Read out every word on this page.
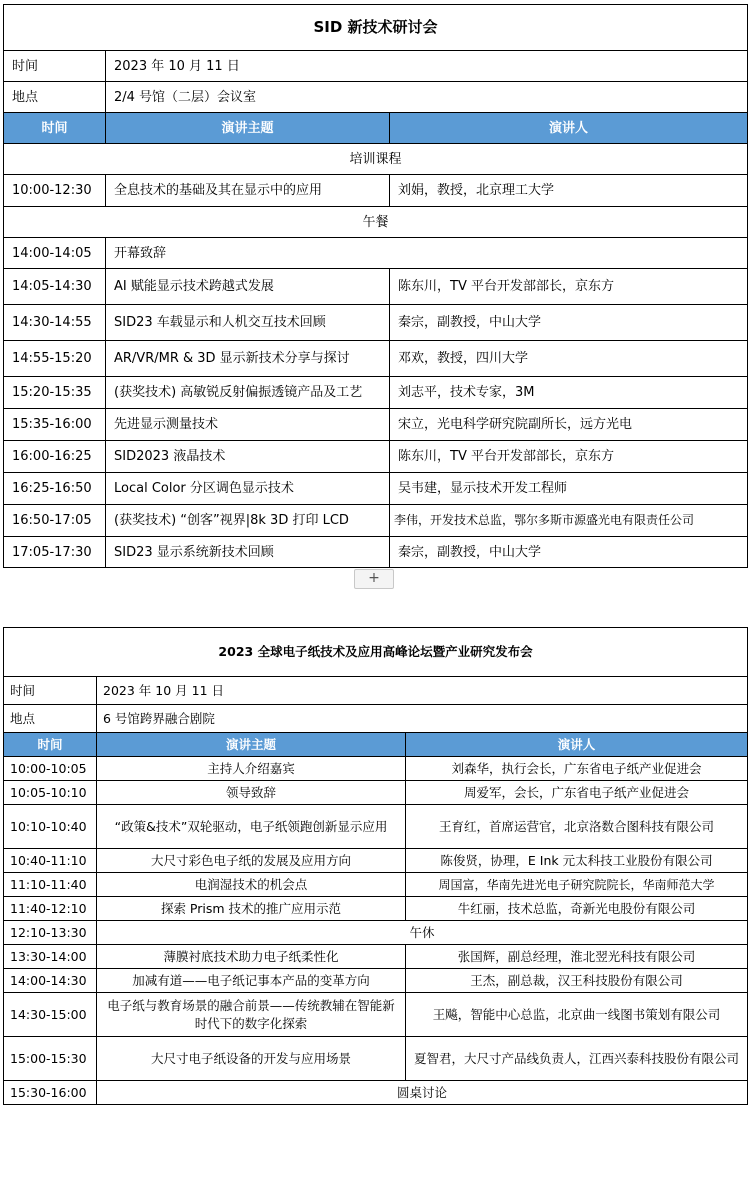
SID 新技术研讨会		
时间	2023 年 10 月 11 日	
地点	2/4 号馆（二层）会议室	
时间	演讲主题	演讲人
培训课程		
10:00-12:30	全息技术的基础及其在显示中的应用	刘娟，教授，北京理工大学
午餐		
14:00-14:05	开幕致辞	
14:05-14:30	AI 赋能显示技术跨越式发展	陈东川，TV 平台开发部部长，京东方
14:30-14:55	SID23 车载显示和人机交互技术回顾	秦宗，副教授，中山大学
14:55-15:20	AR/VR/MR & 3D 显示新技术分享与探讨	邓欢，教授，四川大学
15:20-15:35	(获奖技术) 高敏锐反射偏振透镜产品及工艺	刘志平，技术专家，3M
15:35-16:00	先进显示测量技术	宋立，光电科学研究院副所长，远方光电
16:00-16:25	SID2023 液晶技术	陈东川，TV 平台开发部部长，京东方
16:25-16:50	Local Color 分区调色显示技术	吴韦建，显示技术开发工程师
16:50-17:05	(获奖技术) “创客”视界|8k 3D 打印 LCD	李伟，开发技术总监，鄂尔多斯市源盛光电有限责任公司
17:05-17:30	SID23 显示系统新技术回顾	秦宗，副教授，中山大学
+
2023 全球电子纸技术及应用高峰论坛暨产业研究发布会		
时间	2023 年 10 月 11 日	
地点	6 号馆跨界融合剧院	
时间	演讲主题	演讲人
10:00-10:05	主持人介绍嘉宾	刘森华，执行会长，广东省电子纸产业促进会
10:05-10:10	领导致辞	周爱军，会长，广东省电子纸产业促进会
10:10-10:40	“政策&技术”双轮驱动，电子纸领跑创新显示应用	王育红，首席运营官，北京洛数合图科技有限公司
10:40-11:10	大尺寸彩色电子纸的发展及应用方向	陈俊贤，协理，E Ink 元太科技工业股份有限公司
11:10-11:40	电润湿技术的机会点	周国富，华南先进光电子研究院院长，华南师范大学
11:40-12:10	探索 Prism 技术的推广应用示范	牛红丽，技术总监，奇新光电股份有限公司
12:10-13:30	午休	
13:30-14:00	薄膜衬底技术助力电子纸柔性化	张国辉，副总经理，淮北翌光科技有限公司
14:00-14:30	加减有道——电子纸记事本产品的变革方向	王杰，副总裁，汉王科技股份有限公司
14:30-15:00	电子纸与教育场景的融合前景——传统教辅在智能新时代下的数字化探索	王飚，智能中心总监，北京曲一线图书策划有限公司
15:00-15:30	大尺寸电子纸设备的开发与应用场景	夏智君，大尺寸产品线负责人，江西兴泰科技股份有限公司
15:30-16:00	圆桌讨论	
